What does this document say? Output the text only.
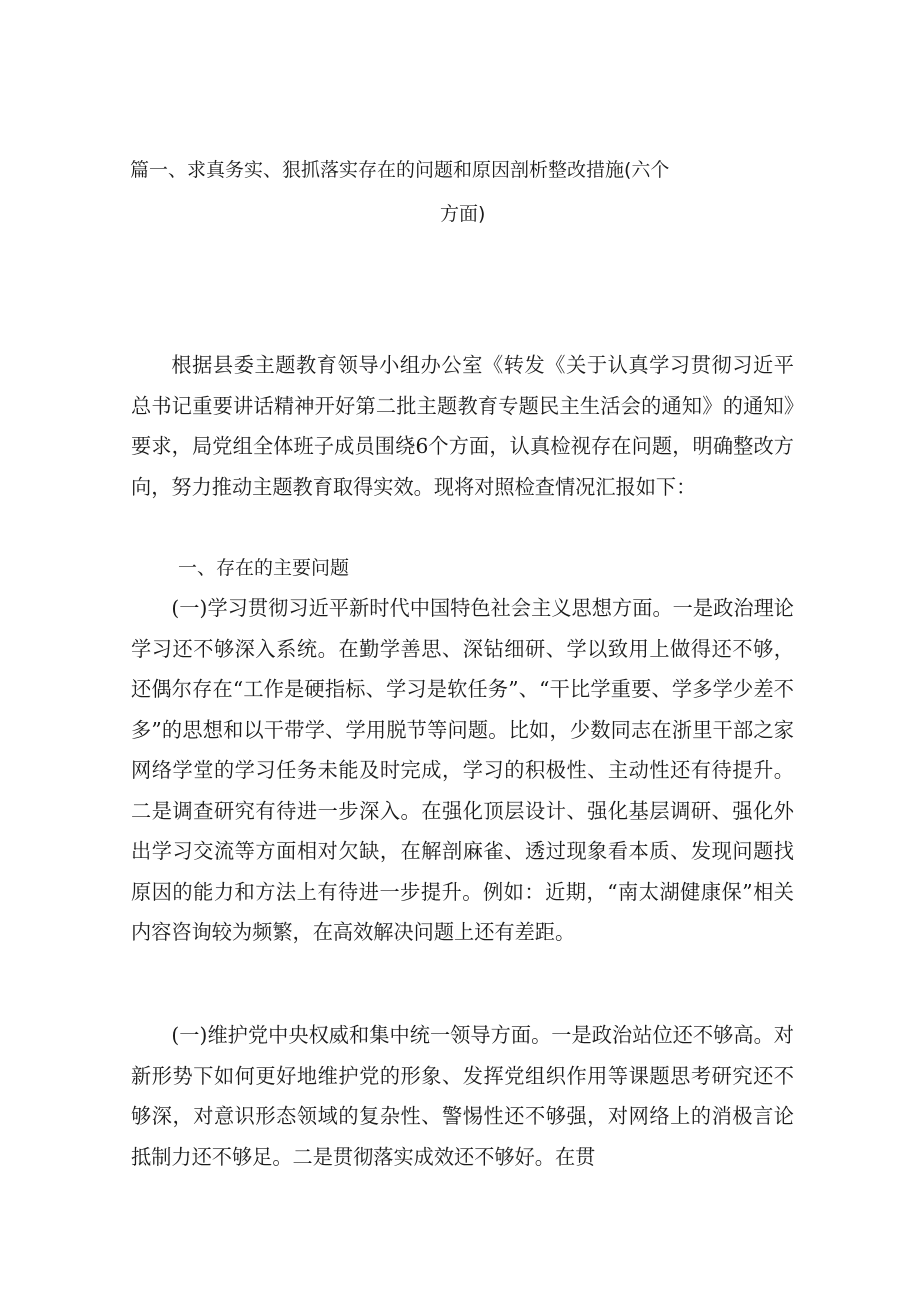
篇一、求真务实、狠抓落实存在的问题和原因剖析整改措施(六个
方面)

根据县委主题教育领导小组办公室《转发《关于认真学习贯彻习近平总书记重要讲话精神开好第二批主题教育专题民主生活会的通知》的通知》要求，局党组全体班子成员围绕6个方面，认真检视存在问题，明确整改方向，努力推动主题教育取得实效。现将对照检查情况汇报如下：

一、存在的主要问题

(一)学习贯彻习近平新时代中国特色社会主义思想方面。一是政治理论学习还不够深入系统。在勤学善思、深钻细研、学以致用上做得还不够，还偶尔存在“工作是硬指标、学习是软任务”、“干比学重要、学多学少差不多”的思想和以干带学、学用脱节等问题。比如，少数同志在浙里干部之家网络学堂的学习任务未能及时完成，学习的积极性、主动性还有待提升。二是调查研究有待进一步深入。在强化顶层设计、强化基层调研、强化外出学习交流等方面相对欠缺，在解剖麻雀、透过现象看本质、发现问题找原因的能力和方法上有待进一步提升。例如：近期，“南太湖健康保”相关内容咨询较为频繁，在高效解决问题上还有差距。

(一)维护党中央权威和集中统一领导方面。一是政治站位还不够高。对新形势下如何更好地维护党的形象、发挥党组织作用等课题思考研究还不够深，对意识形态领域的复杂性、警惕性还不够强，对网络上的消极言论抵制力还不够足。二是贯彻落实成效还不够好。在贯
